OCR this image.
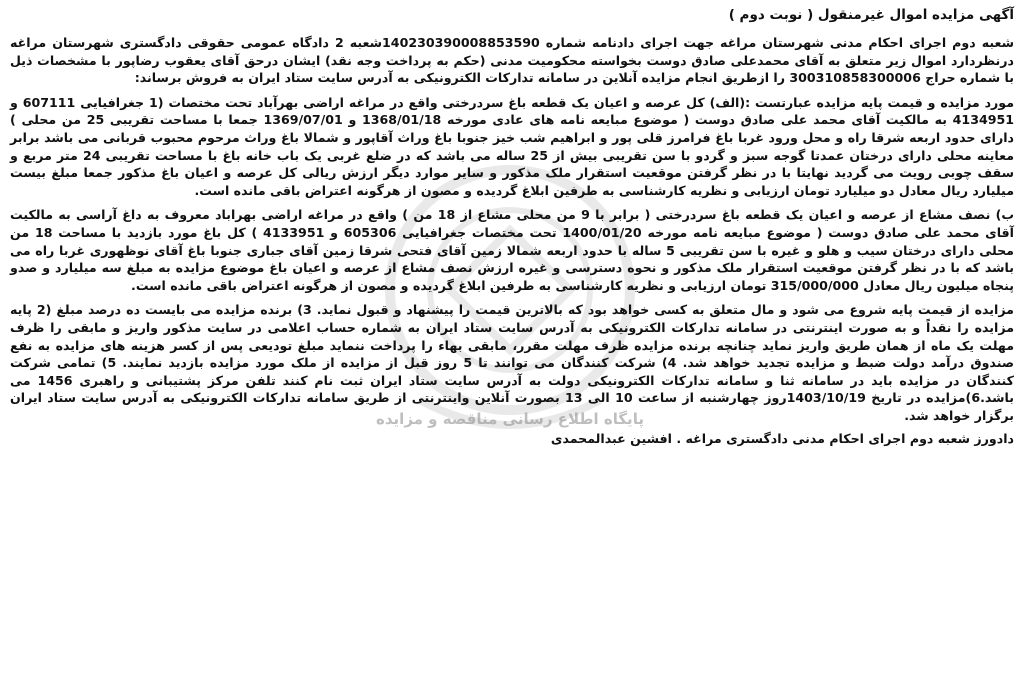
پایگاه اطلاع رسانی مناقصه و مزایده
آگهی مزایده اموال غیرمنقول ( نوبت دوم )
شعبه دوم اجرای احکام مدنی شهرستان مراغه جهت اجرای دادنامه شماره 140230390008853590شعبه 2 دادگاه عمومی حقوقی دادگستری شهرستان مراغه درنظردارد اموال زیر متعلق به آقای محمدعلی صادق دوست بخواسته محکومیت مدنی (حکم به پرداخت وجه نقد) ایشان درحق آقای یعقوب رضاپور با مشخصات ذیل با شماره حراج 300310858300006 را ازطریق انجام مزایده آنلاین در سامانه تدارکات الکترونیکی به آدرس سایت ستاد ایران به فروش برساند:
مورد مزایده و قیمت پایه مزایده عبارتست :(الف) کل عرصه و اعیان یک قطعه باغ سردرختی واقع در مراغه اراضی بهرآباد تحت مختصات (1 جغرافیایی 607111 و 4134951 به مالکیت آقای محمد علی صادق دوست ( موضوع مبایعه نامه های عادی مورخه 1368/01/18 و 1369/07/01 جمعا با مساحت تقریبی 25 من محلی ) دارای حدود اربعه شرقا راه و محل ورود غربا باغ فرامرز قلی پور و ابراهیم شب خیز جنوبا باغ وراث آقاپور و شمالا باغ وراث مرحوم محبوب قربانی می باشد برابر معاینه محلی دارای درختان عمدتا گوجه سبز و گردو با سن تقریبی بیش از 25 ساله می باشد که در ضلع غربی یک باب خانه باغ با مساحت تقریبی 24 متر مربع و سقف چوبی رویت می گردید نهایتا با در نظر گرفتن موقعیت استقرار ملک مذکور و سایر موارد دیگر ارزش ریالی کل عرصه و اعیان باغ مذکور جمعا مبلغ بیست میلیارد ریال معادل دو میلیارد تومان ارزیابی و نظریه کارشناسی به طرفین ابلاغ گردیده و مصون از هرگونه اعتراض باقی مانده است.
ب) نصف مشاع از عرصه و اعیان یک قطعه باغ سردرختی ( برابر با 9 من محلی مشاع از 18 من ) واقع در مراغه اراضی بهراباد معروف به داغ آراسی به مالکیت آقای محمد علی صادق دوست ( موضوع مبایعه نامه مورخه 1400/01/20 تحت مختصات جغرافیایی 605306 و 4133951 ) کل باغ مورد بازدید با مساحت 18 من محلی دارای درختان سیب و هلو و غیره با سن تقریبی 5 ساله با حدود اربعه شمالا زمین آقای فتحی شرقا زمین آقای جباری جنوبا باغ آقای نوظهوری غربا راه می باشد که با در نظر گرفتن موقعیت استقرار ملک مذکور و نحوه دسترسی و غیره ارزش نصف مشاع از عرصه و اعیان باغ موضوع مزایده به مبلغ سه میلیارد و صدو پنجاه میلیون ریال معادل 315/000/000 تومان ارزیابی و نظریه کارشناسی به طرفین ابلاغ گردیده و مصون از هرگونه اعتراض باقی مانده است.
مزایده از قیمت پایه شروع می شود و مال متعلق به کسی خواهد بود که بالاترین قیمت را پیشنهاد و قبول نماید. 3) برنده مزایده می بایست ده درصد مبلغ (2 پایه مزایده را نقداً و به صورت اینترنتی در سامانه تدارکات الکترونیکی به آدرس سایت ستاد ایران به شماره حساب اعلامی در سایت مذکور واریز و مابقی را ظرف مهلت یک ماه از همان طریق واریز نماید چنانچه برنده مزایده ظرف مهلت مقرر، مابقی بهاء را پرداخت ننماید مبلغ تودیعی پس از کسر هزینه های مزایده به نفع صندوق درآمد دولت ضبط و مزایده تجدید خواهد شد. 4) شرکت کنندگان می توانند تا 5 روز قبل از مزایده از ملک مورد مزایده بازدید نمایند. 5) تمامی شرکت کنندگان در مزایده باید در سامانه ثنا و سامانه تدارکات الکترونیکی دولت به آدرس سایت ستاد ایران ثبت نام کنند تلفن مرکز پشتیبانی و راهبری 1456 می باشد.6)مزایده در تاریخ 1403/10/19روز چهارشنبه از ساعت 10 الی 13 بصورت آنلاین واینترنتی از طریق سامانه تدارکات الکترونیکی به آدرس سایت ستاد ایران برگزار خواهد شد.
دادورز شعبه دوم اجرای احکام مدنی دادگستری مراغه . افشین عبدالمحمدی
